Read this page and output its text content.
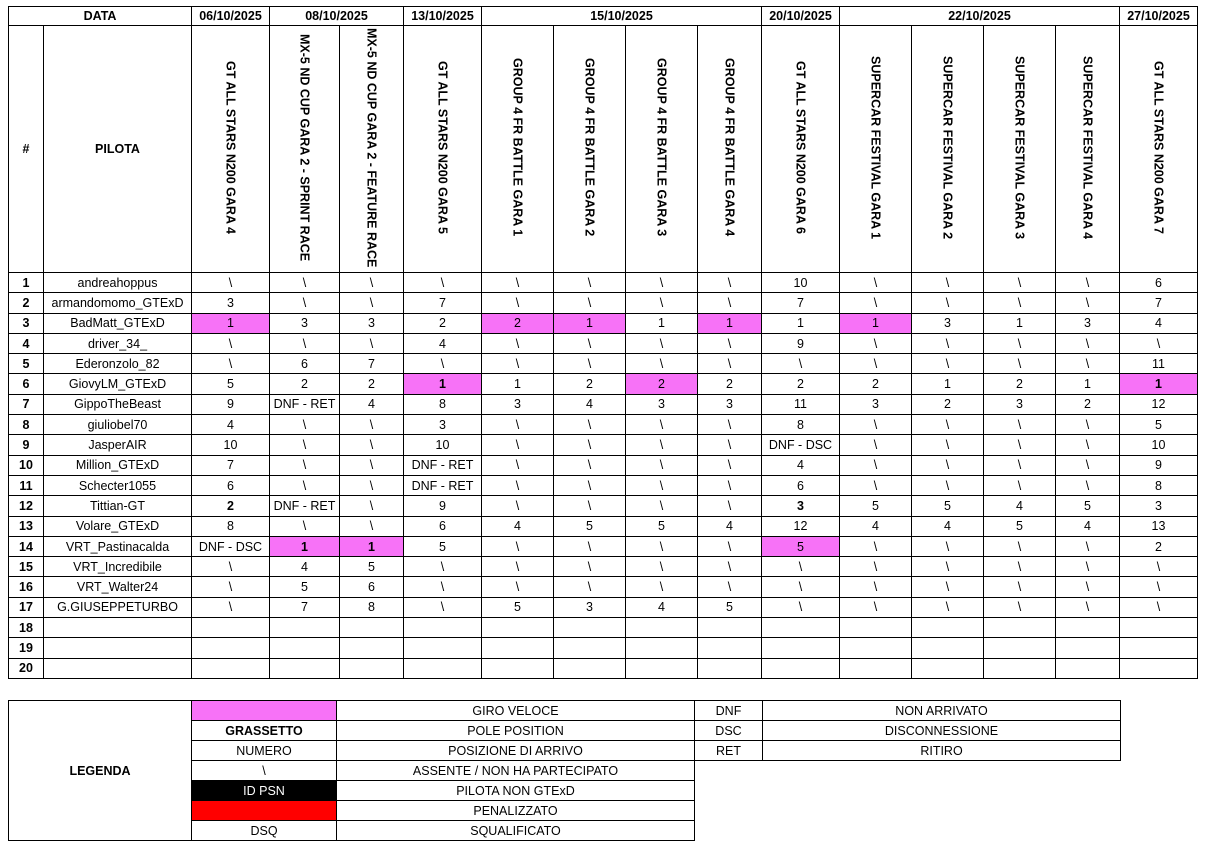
DATA		06/10/2025	08/10/2025		13/10/2025	15/10/2025				20/10/2025	22/10/2025				27/10/2025
#	PILOTA	GT ALL STARS N200 GARA 4	MX-5 ND CUP GARA 2 - SPRINT RACE	MX-5 ND CUP GARA 2 - FEATURE RACE	GT ALL STARS N200 GARA 5	GROUP 4 FR BATTLE GARA 1	GROUP 4 FR BATTLE GARA 2	GROUP 4 FR BATTLE GARA 3	GROUP 4 FR BATTLE GARA 4	GT ALL STARS N200 GARA 6	SUPERCAR FESTIVAL GARA 1	SUPERCAR FESTIVAL GARA 2	SUPERCAR FESTIVAL GARA 3	SUPERCAR FESTIVAL GARA 4	GT ALL STARS N200 GARA 7
1	andreahoppus	\	\	\	\	\	\	\	\	10	\	\	\	\	6
2	armandomomo_GTExD	3	\	\	7	\	\	\	\	7	\	\	\	\	7
3	BadMatt_GTExD	1	3	3	2	2	1	1	1	1	1	3	1	3	4
4	driver_34_	\	\	\	4	\	\	\	\	9	\	\	\	\	\
5	Ederonzolo_82	\	6	7	\	\	\	\	\	\	\	\	\	\	11
6	GiovyLM_GTExD	5	2	2	1	1	2	2	2	2	2	1	2	1	1
7	GippoTheBeast	9	DNF - RET	4	8	3	4	3	3	11	3	2	3	2	12
8	giuliobel70	4	\	\	3	\	\	\	\	8	\	\	\	\	5
9	JasperAIR	10	\	\	10	\	\	\	\	DNF - DSC	\	\	\	\	10
10	Million_GTExD	7	\	\	DNF - RET	\	\	\	\	4	\	\	\	\	9
11	Schecter1055	6	\	\	DNF - RET	\	\	\	\	6	\	\	\	\	8
12	Tittian-GT	2	DNF - RET	\	9	\	\	\	\	3	5	5	4	5	3
13	Volare_GTExD	8	\	\	6	4	5	5	4	12	4	4	5	4	13
14	VRT_Pastinacalda	DNF - DSC	1	1	5	\	\	\	\	5	\	\	\	\	2
15	VRT_Incredibile	\	4	5	\	\	\	\	\	\	\	\	\	\	\
16	VRT_Walter24	\	5	6	\	\	\	\	\	\	\	\	\	\	\
17	G.GIUSEPPETURBO	\	7	8	\	5	3	4	5	\	\	\	\	\	\
18															
19															
20															
LEGENDA		GIRO VELOCE	DNF	NON ARRIVATO
	GRASSETTO	POLE POSITION	DSC	DISCONNESSIONE
	NUMERO	POSIZIONE DI ARRIVO	RET	RITIRO
	\	ASSENTE / NON HA PARTECIPATO		
	ID PSN	PILOTA NON GTExD		
		PENALIZZATO		
	DSQ	SQUALIFICATO		
